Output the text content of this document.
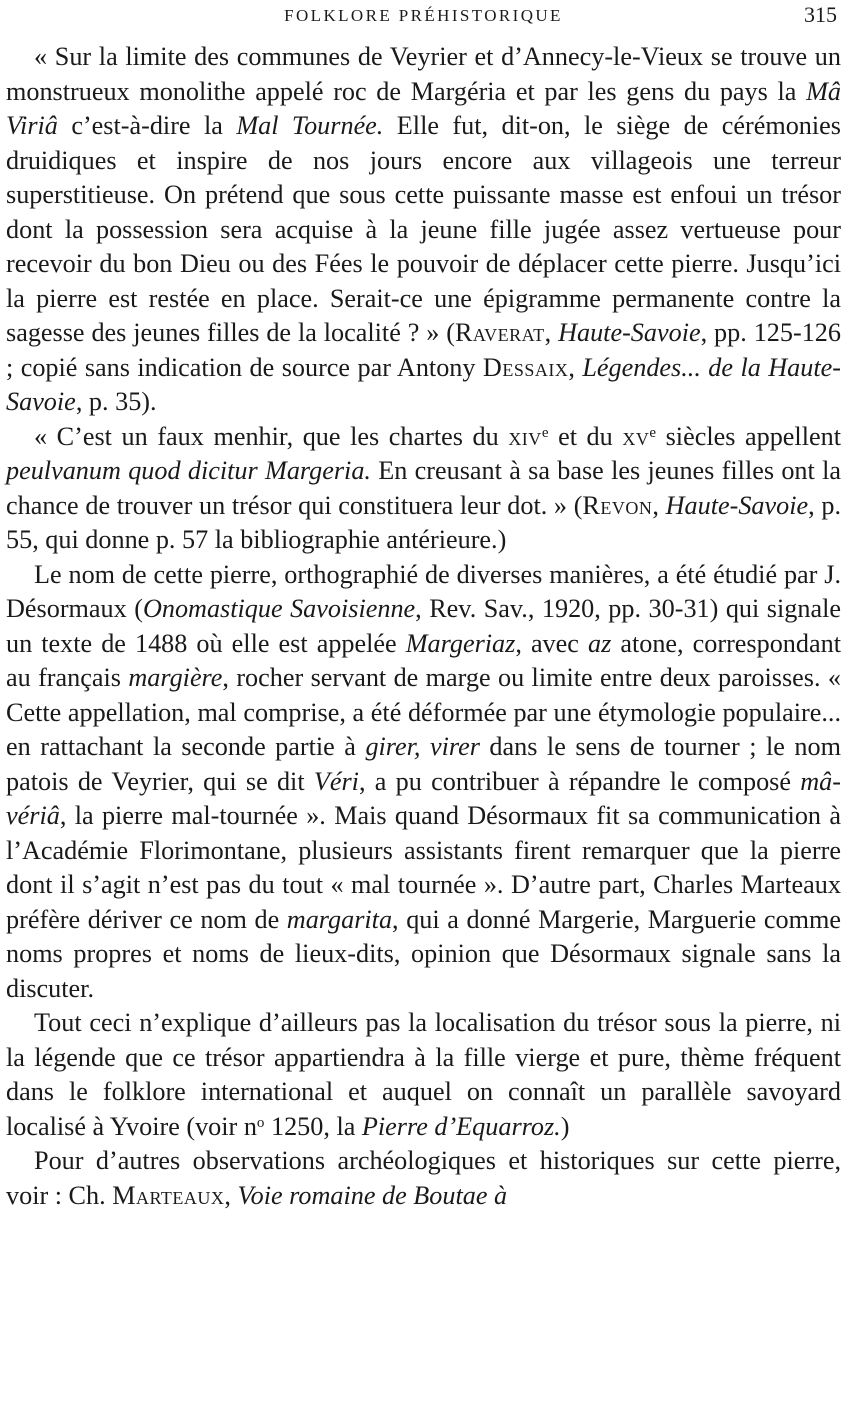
FOLKLORE PRÉHISTORIQUE	315

« Sur la limite des communes de Veyrier et d’Annecy-le-Vieux se trouve un monstrueux monolithe appelé roc de Margéria et par les gens du pays la Mâ Viriâ c’est-à-dire la Mal Tournée. Elle fut, dit-on, le siège de cérémonies druidiques et inspire de nos jours encore aux villageois une terreur superstitieuse. On prétend que sous cette puissante masse est enfoui un trésor dont la possession sera acquise à la jeune fille jugée assez vertueuse pour recevoir du bon Dieu ou des Fées le pouvoir de déplacer cette pierre. Jusqu’ici la pierre est restée en place. Serait-ce une épigramme permanente contre la sagesse des jeunes filles de la localité ? » (Raverat, Haute-Savoie, pp. 125-126 ; copié sans indication de source par Antony Dessaix, Légendes... de la Haute-Savoie, p. 35).

« C’est un faux menhir, que les chartes du xiv$^e$ et du $xv^e$ siècles appellent peulvanum quod dicitur Margeria. En creusant à sa base les jeunes filles ont la chance de trouver un trésor qui constituera leur dot. » (Revon, Haute-Savoie, p. 55, qui donne p. 57 la bibliographie antérieure.)

Le nom de cette pierre, orthographié de diverses manières, a été étudié par J. Désormaux (Onomastique Savoisienne, Rev. Sav., 1920, pp. 30-31) qui signale un texte de 1488 où elle est appelée Margeriaz, avec az atone, correspondant au français margière, rocher servant de marge ou limite entre deux paroisses. « Cette appellation, mal comprise, a été déformée par une étymologie populaire... en rattachant la seconde partie à girer, virer dans le sens de tourner ; le nom patois de Veyrier, qui se dit Véri, a pu contribuer à répandre le composé mâ-vériâ, la pierre mal-tournée ». Mais quand Désormaux fit sa communication à l’Académie Florimontane, plusieurs assistants firent remarquer que la pierre dont il s’agit n’est pas du tout « mal tournée ». D’autre part, Charles Marteaux préfère dériver ce nom de margarita, qui a donné Margerie, Marguerie comme noms propres et noms de lieux-dits, opinion que Désormaux signale sans la discuter.

Tout ceci n’explique d’ailleurs pas la localisation du trésor sous la pierre, ni la légende que ce trésor appartiendra à la fille vierge et pure, thème fréquent dans le folklore international et auquel on connaît un parallèle savoyard localisé à Yvoire (voir $n^o$ 1250, la Pierre d’Equarroz.)

Pour d’autres observations archéologiques et historiques sur cette pierre, voir : Ch. Marteaux, Voie romaine de Boutae à
